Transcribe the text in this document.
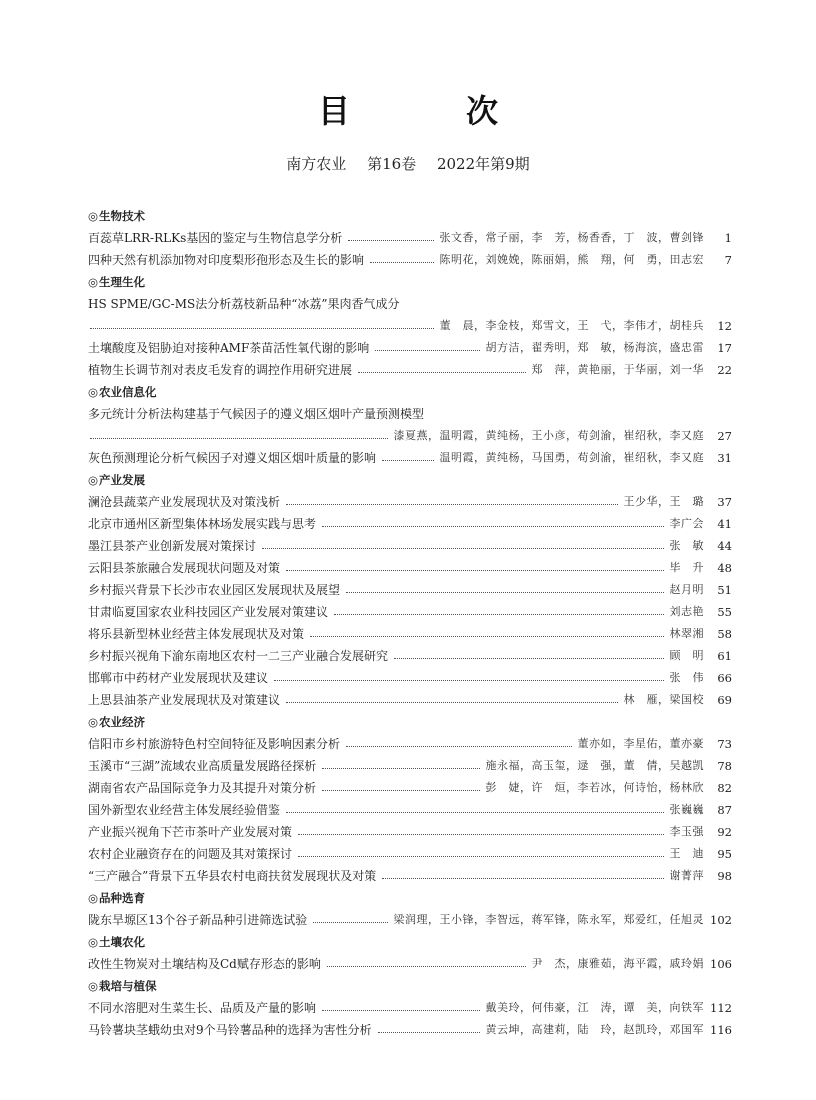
目　次
南方农业 第16卷 2022年第9期
◎生物技术
百蕊草LRR-RLKs基因的鉴定与生物信息学分析	张文香，常子丽，李　芳，杨香香，丁　波，曹剑锋	1
四种天然有机添加物对印度梨形孢形态及生长的影响	陈明花，刘娩娩，陈丽娟，熊　翔，何　勇，田志宏	7
◎生理生化
HS SPME/GC-MS法分析荔枝新品种“冰荔”果肉香气成分
董　晨，李金枝，郑雪文，王　弋，李伟才，胡桂兵	12
土壤酸度及铝胁迫对接种AMF茶苗活性氧代谢的影响	胡方洁，翟秀明，郑　敏，杨海滨，盛忠雷	17
植物生长调节剂对表皮毛发育的调控作用研究进展	郑　萍，黄艳丽，于华丽，刘一华	22
◎农业信息化
多元统计分析法构建基于气候因子的遵义烟区烟叶产量预测模型
漆夏燕，温明霞，黄纯杨，王小彦，苟剑渝，崔绍秋，李又庭	27
灰色预测理论分析气候因子对遵义烟区烟叶质量的影响	温明霞，黄纯杨，马国勇，苟剑渝，崔绍秋，李又庭	31
◎产业发展
澜沧县蔬菜产业发展现状及对策浅析	王少华，王　璐	37
北京市通州区新型集体林场发展实践与思考	李广会	41
墨江县茶产业创新发展对策探讨	张　敏	44
云阳县茶旅融合发展现状问题及对策	毕　升	48
乡村振兴背景下长沙市农业园区发展现状及展望	赵月明	51
甘肃临夏国家农业科技园区产业发展对策建议	刘志艳	55
将乐县新型林业经营主体发展现状及对策	林翠湘	58
乡村振兴视角下渝东南地区农村一二三产业融合发展研究	顾　明	61
邯郸市中药材产业发展现状及建议	张　伟	66
上思县油茶产业发展现状及对策建议	林　雁，梁国校	69
◎农业经济
信阳市乡村旅游特色村空间特征及影响因素分析	董亦如，李星佑，董亦豪	73
玉溪市“三湖”流域农业高质量发展路径探析	施永福，高玉玺，逯　强，董　倩，吴越凯	78
湖南省农产品国际竞争力及其提升对策分析	彭　婕，许　烜，李若冰，何诗怡，杨林欣	82
国外新型农业经营主体发展经验借鉴	张巍巍	87
产业振兴视角下芒市茶叶产业发展对策	李玉强	92
农村企业融资存在的问题及其对策探讨	王　迪	95
“三产融合”背景下五华县农村电商扶贫发展现状及对策	谢菁萍	98
◎品种选育
陇东旱塬区13个谷子新品种引进筛选试验	梁润理，王小锋，李智远，蒋军锋，陈永军，郑爱红，任旭灵 102
◎土壤农化
改性生物炭对土壤结构及Cd赋存形态的影响	尹　杰，康雅茹，海平霞，戚玲娟 106
◎栽培与植保
不同水溶肥对生菜生长、品质及产量的影响	戴美玲，何伟豪，江　涛，谭　美，向铁军 112
马铃薯块茎蛾幼虫对9个马铃薯品种的选择为害性分析	黄云坤，高建莉，陆　玲，赵凯玲，邓国军 116
